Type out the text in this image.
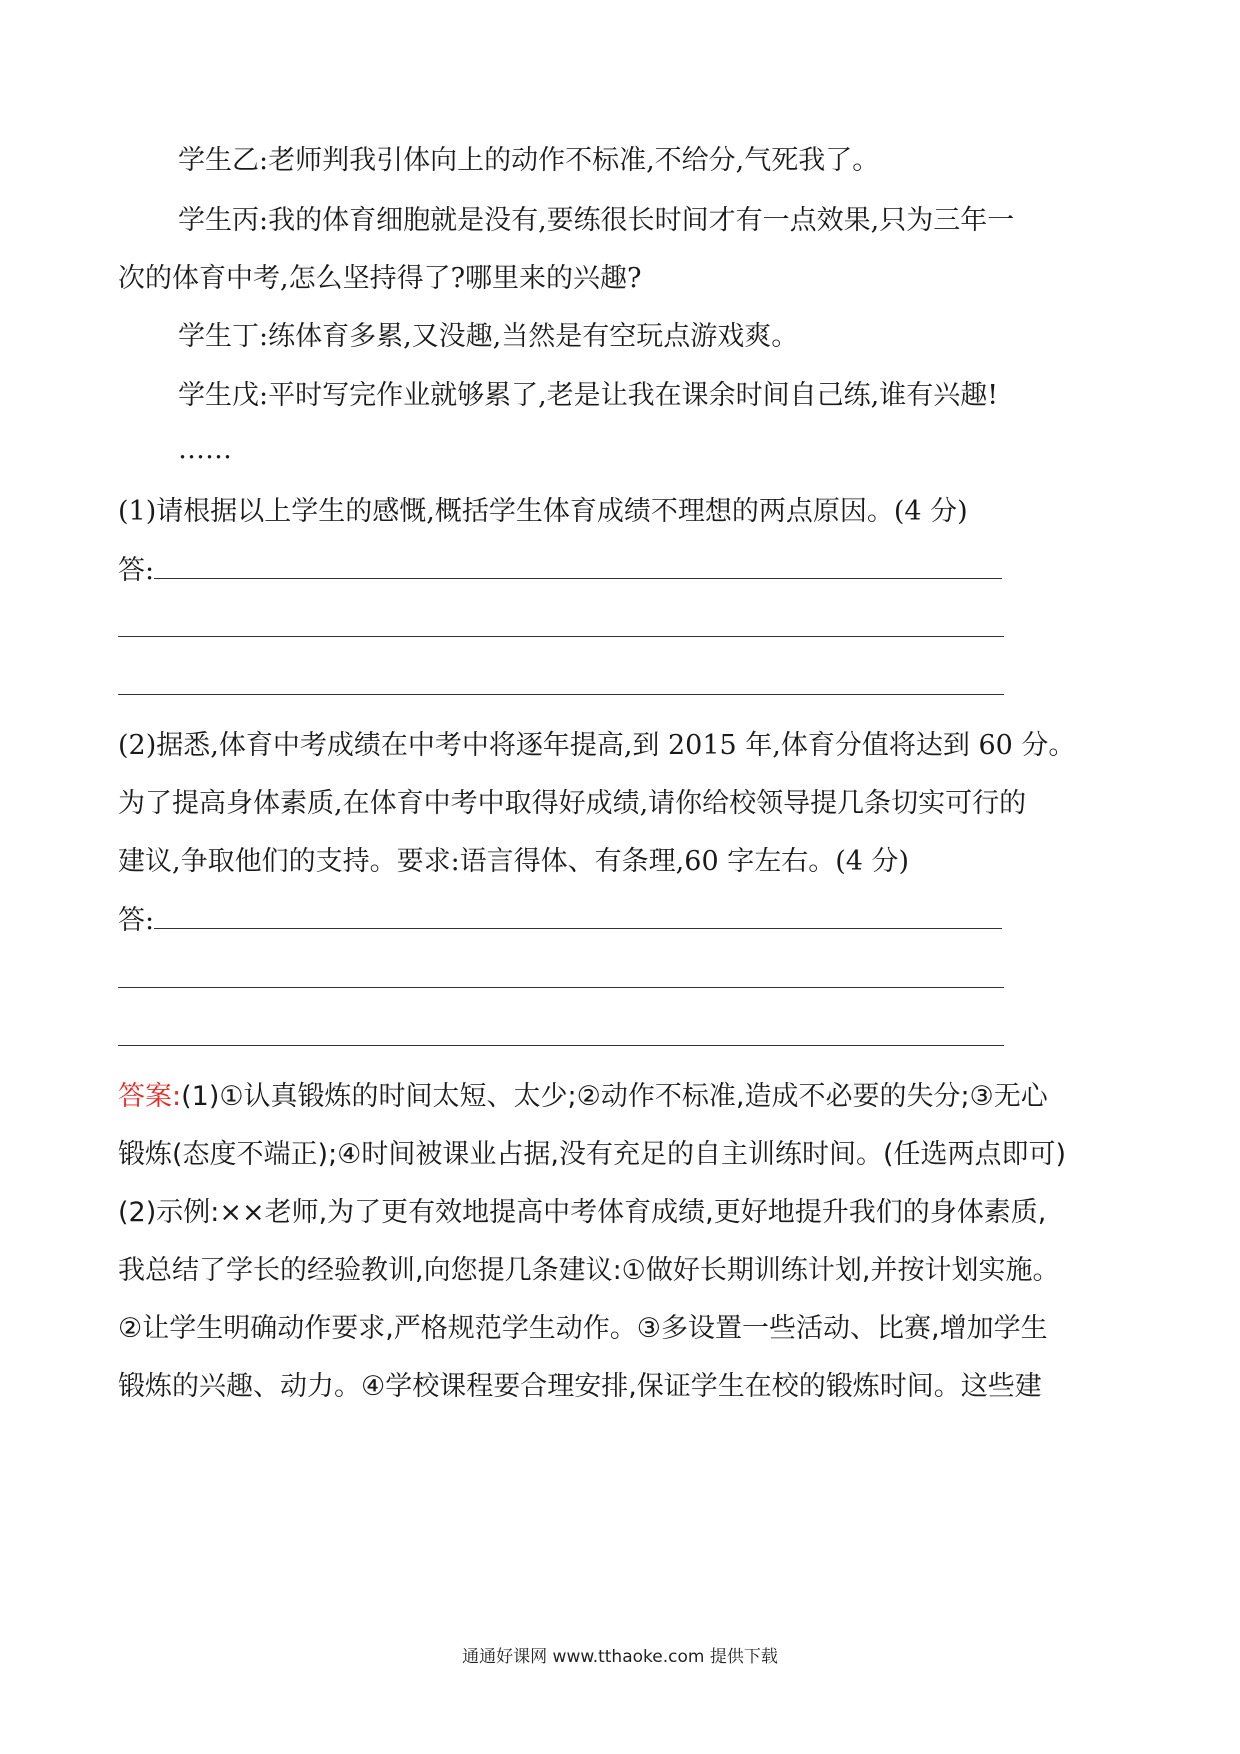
学生乙:老师判我引体向上的动作不标准,不给分,气死我了。
学生丙:我的体育细胞就是没有,要练很长时间才有一点效果,只为三年一
次的体育中考,怎么坚持得了?哪里来的兴趣?
学生丁:练体育多累,又没趣,当然是有空玩点游戏爽。
学生戊:平时写完作业就够累了,老是让我在课余时间自己练,谁有兴趣!
……
(1)请根据以上学生的感慨,概括学生体育成绩不理想的两点原因。(4 分)
答:
(2)据悉,体育中考成绩在中考中将逐年提高,到 2015 年,体育分值将达到 60 分。
为了提高身体素质,在体育中考中取得好成绩,请你给校领导提几条切实可行的
建议,争取他们的支持。要求:语言得体、有条理,60 字左右。(4 分)
答:
答案:(1)①认真锻炼的时间太短、太少;②动作不标准,造成不必要的失分;③无心
锻炼(态度不端正);④时间被课业占据,没有充足的自主训练时间。(任选两点即可)
(2)示例:××老师,为了更有效地提高中考体育成绩,更好地提升我们的身体素质,
我总结了学长的经验教训,向您提几条建议:①做好长期训练计划,并按计划实施。
②让学生明确动作要求,严格规范学生动作。③多设置一些活动、比赛,增加学生
锻炼的兴趣、动力。④学校课程要合理安排,保证学生在校的锻炼时间。这些建
通通好课网 www.tthaoke.com 提供下载
